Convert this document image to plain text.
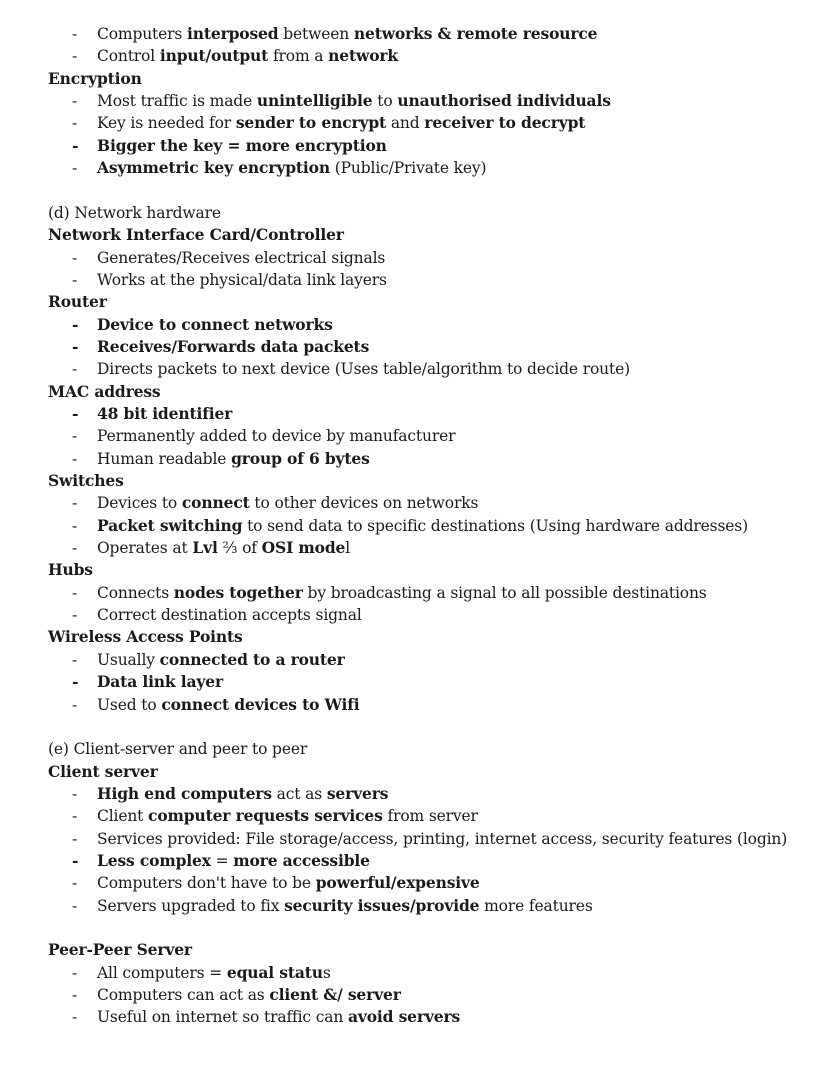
- Computers interposed between networks & remote resource
- Control input/output from a network
Encryption
- Most traffic is made unintelligible to unauthorised individuals
- Key is needed for sender to encrypt and receiver to decrypt
- Bigger the key = more encryption
- Asymmetric key encryption (Public/Private key)
(d) Network hardware
Network Interface Card/Controller
- Generates/Receives electrical signals
- Works at the physical/data link layers
Router
- Device to connect networks
- Receives/Forwards data packets
- Directs packets to next device (Uses table/algorithm to decide route)
MAC address
- 48 bit identifier
- Permanently added to device by manufacturer
- Human readable group of 6 bytes
Switches
- Devices to connect to other devices on networks
- Packet switching to send data to specific destinations (Using hardware addresses)
- Operates at Lvl ⅔ of OSI model
Hubs
- Connects nodes together by broadcasting a signal to all possible destinations
- Correct destination accepts signal
Wireless Access Points
- Usually connected to a router
- Data link layer
- Used to connect devices to Wifi
(e) Client-server and peer to peer
Client server
- High end computers act as servers
- Client computer requests services from server
- Services provided: File storage/access, printing, internet access, security features (login)
- Less complex = more accessible
- Computers don't have to be powerful/expensive
- Servers upgraded to fix security issues/provide more features
Peer-Peer Server
- All computers = equal status
- Computers can act as client &/ server
- Useful on internet so traffic can avoid servers
